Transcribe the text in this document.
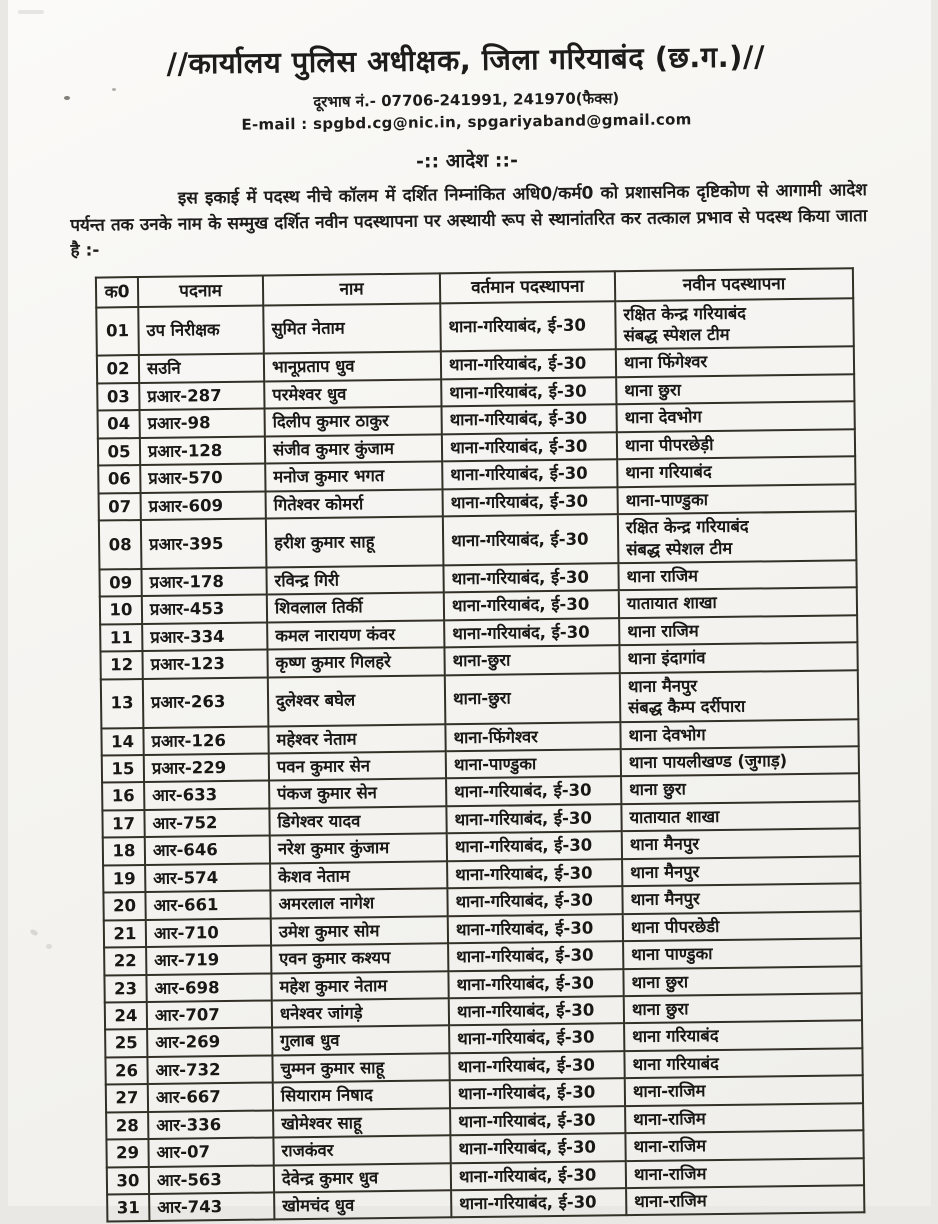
//कार्यालय पुलिस अधीक्षक, जिला गरियाबंद (छ.ग.)//
दूरभाष नं.- 07706-241991, 241970(फैक्स)
E-mail : spgbd.cg@nic.in, spgariyaband@gmail.com
-:: आदेश ::-

इस इकाई में पदस्थ नीचे कॉलम में दर्शित निम्नांकित अधि0/कर्म0 को प्रशासनिक दृष्टिकोण से आगामी आदेश पर्यन्त तक उनके नाम के सम्मुख दर्शित नवीन पदस्थापना पर अस्थायी रूप से स्थानांतरित कर तत्काल प्रभाव से पदस्थ किया जाता है :-

क0	पदनाम	नाम	वर्तमान पदस्थापना	नवीन पदस्थापना
01	उप निरीक्षक	सुमित नेताम	थाना-गरियाबंद, ई-30	रक्षित केन्द्र गरियाबंद
संबद्ध स्पेशल टीम
02	सउनि	भानूप्रताप धुव	थाना-गरियाबंद, ई-30	थाना फिंगेश्वर
03	प्रआर-287	परमेश्वर धुव	थाना-गरियाबंद, ई-30	थाना छुरा
04	प्रआर-98	दिलीप कुमार ठाकुर	थाना-गरियाबंद, ई-30	थाना देवभोग
05	प्रआर-128	संजीव कुमार कुंजाम	थाना-गरियाबंद, ई-30	थाना पीपरछेड़ी
06	प्रआर-570	मनोज कुमार भगत	थाना-गरियाबंद, ई-30	थाना गरियाबंद
07	प्रआर-609	गितेश्वर कोमर्रा	थाना-गरियाबंद, ई-30	थाना-पाण्डुका
08	प्रआर-395	हरीश कुमार साहू	थाना-गरियाबंद, ई-30	रक्षित केन्द्र गरियाबंद
संबद्ध स्पेशल टीम
09	प्रआर-178	रविन्द्र गिरी	थाना-गरियाबंद, ई-30	थाना राजिम
10	प्रआर-453	शिवलाल तिर्की	थाना-गरियाबंद, ई-30	यातायात शाखा
11	प्रआर-334	कमल नारायण कंवर	थाना-गरियाबंद, ई-30	थाना राजिम
12	प्रआर-123	कृष्ण कुमार गिलहरे	थाना-छुरा	थाना इंदागांव
13	प्रआर-263	दुलेश्वर बघेल	थाना-छुरा	थाना मैनपुर
संबद्ध कैम्प दर्रीपारा
14	प्रआर-126	महेश्वर नेताम	थाना-फिंगेश्वर	थाना देवभोग
15	प्रआर-229	पवन कुमार सेन	थाना-पाण्डुका	थाना पायलीखण्ड (जुगाड़)
16	आर-633	पंकज कुमार सेन	थाना-गरियाबंद, ई-30	थाना छुरा
17	आर-752	डिगेश्वर यादव	थाना-गरियाबंद, ई-30	यातायात शाखा
18	आर-646	नरेश कुमार कुंजाम	थाना-गरियाबंद, ई-30	थाना मैनपुर
19	आर-574	केशव नेताम	थाना-गरियाबंद, ई-30	थाना मैनपुर
20	आर-661	अमरलाल नागेश	थाना-गरियाबंद, ई-30	थाना मैनपुर
21	आर-710	उमेश कुमार सोम	थाना-गरियाबंद, ई-30	थाना पीपरछेडी
22	आर-719	एवन कुमार कश्यप	थाना-गरियाबंद, ई-30	थाना पाण्डुका
23	आर-698	महेश कुमार नेताम	थाना-गरियाबंद, ई-30	थाना छुरा
24	आर-707	धनेश्वर जांगड़े	थाना-गरियाबंद, ई-30	थाना छुरा
25	आर-269	गुलाब धुव	थाना-गरियाबंद, ई-30	थाना गरियाबंद
26	आर-732	चुम्मन कुमार साहू	थाना-गरियाबंद, ई-30	थाना गरियाबंद
27	आर-667	सियाराम निषाद	थाना-गरियाबंद, ई-30	थाना-राजिम
28	आर-336	खोमेश्वर साहू	थाना-गरियाबंद, ई-30	थाना-राजिम
29	आर-07	राजकंवर	थाना-गरियाबंद, ई-30	थाना-राजिम
30	आर-563	देवेन्द्र कुमार धुव	थाना-गरियाबंद, ई-30	थाना-राजिम
31	आर-743	खोमचंद धुव	थाना-गरियाबंद, ई-30	थाना-राजिम
